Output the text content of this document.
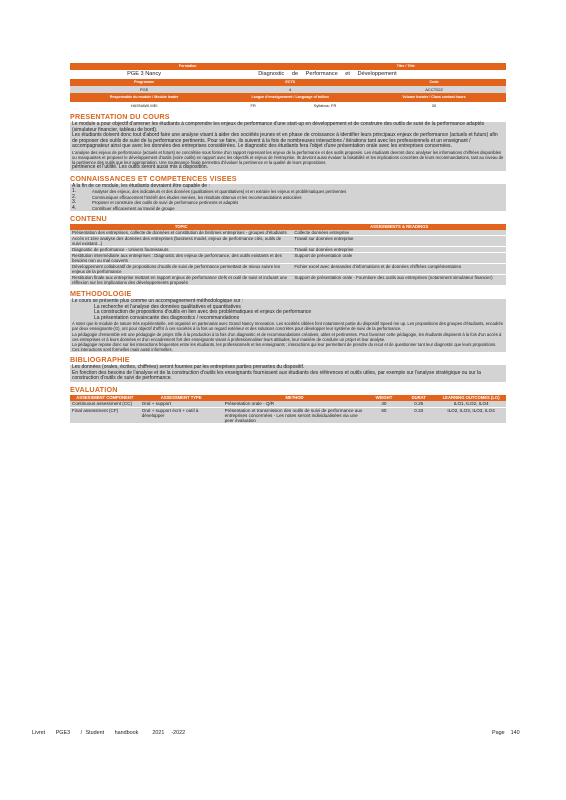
Formation	Titre / Title
PGE 3 Nancy	Diagnostic de Performance et Développement
Programme	ECTS	Code
PGE	4	ACCT022
Responsable du module / Module leader	Langue d'enseignement / Language of tuition	Volume horaire / Class contact hours
HASNAWI.MEI	FR	Syllabus: FR	30
PRESENTATION DU COURS

Le module a pour objectif d'amener les étudiants à comprendre les enjeux de performance d'une start-up en développement et de construire des outils de suivi de la performance adaptés (simulateur financier, tableau de bord).

Les étudiants doivent donc tout d'abord faire une analyse visant à aider des sociétés jeunes et en phase de croissance à identifier leurs principaux enjeux de performance (actuels et futurs) afin de proposer des outils de suivi de la performance pertinents. Pour se faire, ils suivent à la fois de nombreuses interactions / itérations tant avec les professionnels et un enseignant / accompagnateur ainsi que avec les données des entreprises considérées. Le diagnostic des étudiants fera l'objet d'une présentation orale avec les entreprises concernées.

L'analyse des enjeux de performance (actuels et futurs) se concrétise sous forme d'un rapport reprenant les enjeux de la performance et des outils proposés. Les étudiants devront donc analyser les informations chiffrées disponibles ou manquantes et proposer le développement d'outils (voire outils) en rapport avec les objectifs et enjeux de l'entreprise. Ils devront aussi évaluer la faisabilité et les implications concrètes de leurs recommandations, tant au niveau de la pertinence des outils que leur appropriation. Une soutenance finale permettra d'évaluer la pertinence et la qualité de leurs propositions.

pertinence et l'utilité. Les outils seront aussi mis à disposition.

CONNAISSANCES ET COMPETENCES VISEES

A la fin de ce module, les étudiants devraient être capable de :

1.	Analyser des enjeux, des indicateurs et des données (qualitatives et quantitatives) et en extraire les enjeux et problématiques pertinentes
2.	Communiquer efficacement l'intérêt des études menées, les résultats obtenus et les recommandations associées
3.	Proposer et construire des outils de suivi de performance pertinents et adaptés
4.	Contribuer efficacement au travail de groupe
CONTENU
TOPIC	ASSIGNMENTS & READINGS
Présentation des entreprises, collecte de données et constitution de binômes entreprises - groupes d'étudiants	Collecte données entreprise
Accès et 1ère analyse des données des entreprises (business model, enjeux de performance clés, outils de suivi existant...)	Travail sur données entreprise
Diagnostic de performance - Univers fournisseurs	Travail sur données entreprise
Restitution intermédiaire aux entreprises : Diagnostic des enjeux de performance, des outils existants et des besoins non ou mal couverts	Support de présentation orale
Développement collaboratif de propositions d'outils de suivi de performance permettant de mieux suivre les enjeux de la performance	Fichier excel avec demandes d'informations et de données chiffrées complémentaires
Restitution finale aux entreprise mettant en rapport enjeux de performance clefs et outil de suivi et incluant une réflexion sur les implications des développements proposés	Support de présentation orale - Fourniture des outils aux entreprises (notamment simulateur financier)
METHODOLOGIE

Le cours se présente plus comme un accompagnement méthodologique sur :

La recherche et l'analyse des données qualitatives et quantitatives
La construction de propositions d'outils en lien avec des problématiques et enjeux de performance
La présentation convaincante des diagnostics / recommandations

A noter que le module de nature très expérientielle, est organisé en partenariat avec Grand Nancy Innovation. Les sociétés ciblées font notamment partie du dispositif Speed me up. Les propositions des groupes d'étudiants, encadrés par deux enseignants-(G), ont pour objectif d'offrir à ces sociétés à la fois un regard extérieur et des solutions concrètes pour développer leur système de suivi de la performance.

La pédagogie d'ensemble est une pédagogie de projet. Elle à la production à la fois d'un diagnostic et de recommandations créatives, utiles et pertinentes. Pour favoriser cette pédagogie, les étudiants disposent à la fois d'un accès à ces entreprises et à leurs données et d'un encadrement fort des enseignants visant à professionnaliser leurs attitudes, leur manière de conduire un projet et leur analyse.

La pédagogie repose donc sur les interactions fréquentes entre les étudiants, les professionnels et les enseignants ; interactions qui leur permettent de prendre du recul et de questionner tant leur diagnostic que leurs propositions. Ces interactions sont formelles mais aussi informelles.

BIBLIOGRAPHIE

Les données (orales, écrites, chiffrées) seront fournies par les entreprises parties prenantes du dispositif.

En fonction des besoins de l'analyse et de la construction d'outils les enseignants fournissent aux étudiants des références et outils utiles, par exemple sur l'analyse stratégique ou sur la construction d'outils de suivi de performance.

EVALUATION
ASSESSMENT COMPONENT	ASSESSMENT TYPE	METHOD	WEIGHT	DURAT	LEARNING OUTCOMES (LO)
Continuous assessment (CC)	Oral + support	Présentation orale - Q/R	40	0.25	ILO1, ILO2, ILO4
Final assessment (CF)	Oral + support écrit + outil à développer	Présentation et transmission des outils de suivi de performance aux entreprises concernées - Les notes seront individualisées via une peer évaluation	60	0.33	ILO2, ILO3, ILO3, ILO4
Livret PGE3 / Student handbook	2021 -2022	Page 140
